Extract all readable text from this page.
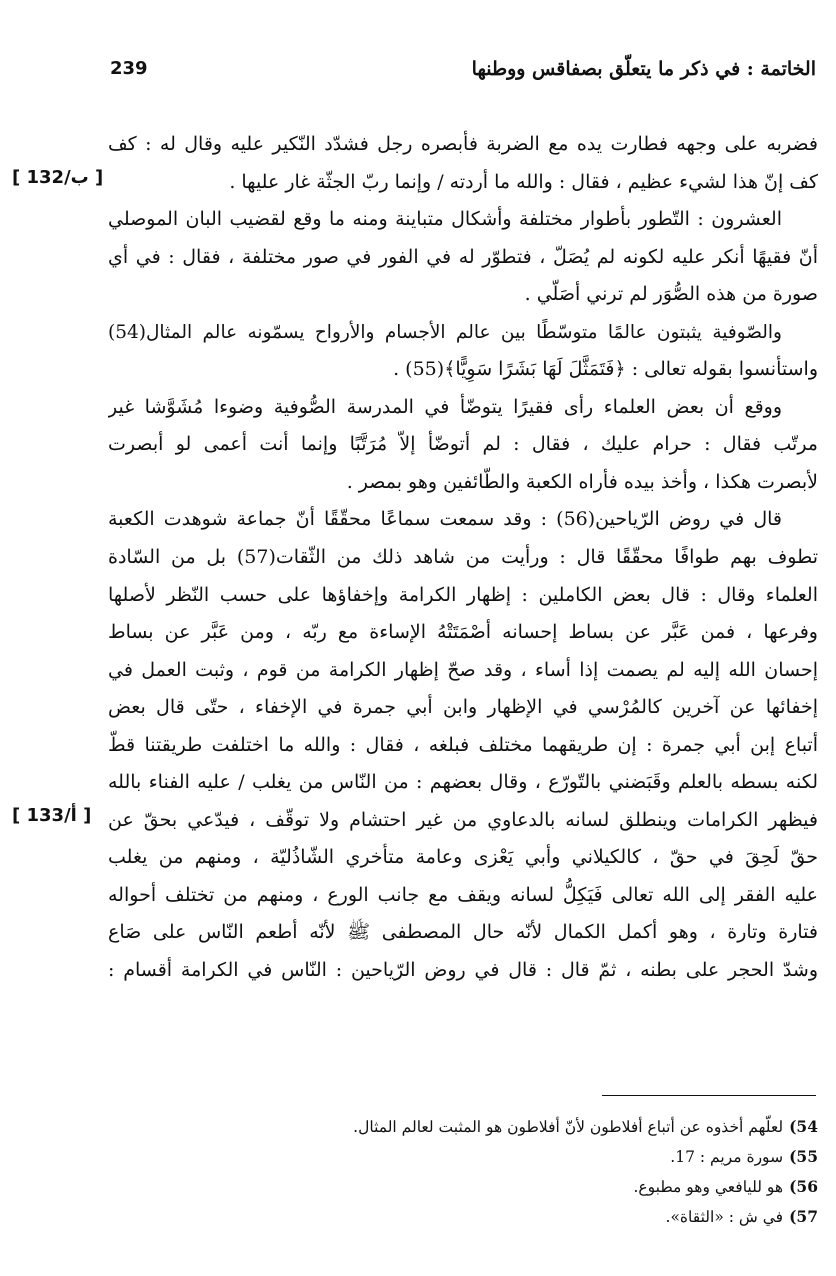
الخاتمة : في ذكر ما يتعلّق بصفاقس ووطنها
239
[ 132/ب ]
[ 133/أ ]
فضربه على وجهه فطارت يده مع الضربة فأبصره رجل فشدّد النّكير عليه وقال له : كف
كف إنّ هذا لشيء عظيم ، فقال : والله ما أردته / وإنما ربّ الجثّة غار عليها .
العشرون : التّطور بأطوار مختلفة وأشكال متباينة ومنه ما وقع لقضيب البان الموصلي
أنّ فقيهًا أنكر عليه لكونه لم يُصَلّ ، فتطوّر له في الفور في صور مختلفة ، فقال : في أي
صورة من هذه الصُّوَر لم ترني أصَلّي .
والصّوفية يثبتون عالمًا متوسّطًا بين عالم الأجسام والأرواح يسمّونه عالم المثال(54)
واستأنسوا بقوله تعالى : ﴿فَتَمَثَّلَ لَهَا بَشَرًا سَوِيًّا﴾(55) .
ووقع أن بعض العلماء رأى فقيرًا يتوضّأ في المدرسة الصُّوفية وضوءا مُشَوَّشا غير
مرتّب فقال : حرام عليك ، فقال : لم أتوضّأ إلاّ مُرَتَّبًا وإنما أنت أعمى لو أبصرت
لأبصرت هكذا ، وأخذ بيده فأراه الكعبة والطّائفين وهو بمصر .
قال في روض الرّياحين(56) : وقد سمعت سماعًا محقّقًا أنّ جماعة شوهدت الكعبة
تطوف بهم طوافًا محقّقًا قال : ورأيت من شاهد ذلك من الثّقات(57) بل من السّادة
العلماء وقال : قال بعض الكاملين : إظهار الكرامة وإخفاؤها على حسب النّظر لأصلها
وفرعها ، فمن عَبَّر عن بساط إحسانه أصْمَتَتْهُ الإساءة مع ربّه ، ومن عَبَّر عن بساط
إحسان الله إليه لم يصمت إذا أساء ، وقد صحّ إظهار الكرامة من قوم ، وثبت العمل في
إخفائها عن آخرين كالمُرْسي في الإظهار وابن أبي جمرة في الإخفاء ، حتّى قال بعض
أتباع إبن أبي جمرة : إن طريقهما مختلف فبلغه ، فقال : والله ما اختلفت طريقتنا قطّ
لكنه بسطه بالعلم وقَبَضني بالتّورّع ، وقال بعضهم : من النّاس من يغلب / عليه الفناء بالله
فيظهر الكرامات وينطلق لسانه بالدعاوي من غير احتشام ولا توقّف ، فيدّعي بحقّ عن
حقّ لَحِقَ في حقّ ، كالكيلاني وأبي يَعْزى وعامة متأخري الشّاذُليّة ، ومنهم من يغلب
عليه الفقر إلى الله تعالى فَيَكِلُّ لسانه ويقف مع جانب الورع ، ومنهم من تختلف أحواله
فتارة وتارة ، وهو أكمل الكمال لأنّه حال المصطفى ﷺ لأنّه أطعم النّاس على صَاع
وشدّ الحجر على بطنه ، ثمّ قال : قال في روض الرّياحين : النّاس في الكرامة أقسام :
54) لعلّهم أخذوه عن أتباع أفلاطون لأنّ أفلاطون هو المثبت لعالم المثال.
55) سورة مريم : 17.
56) هو لليافعي وهو مطبوع.
57) في ش : «الثقاة».
